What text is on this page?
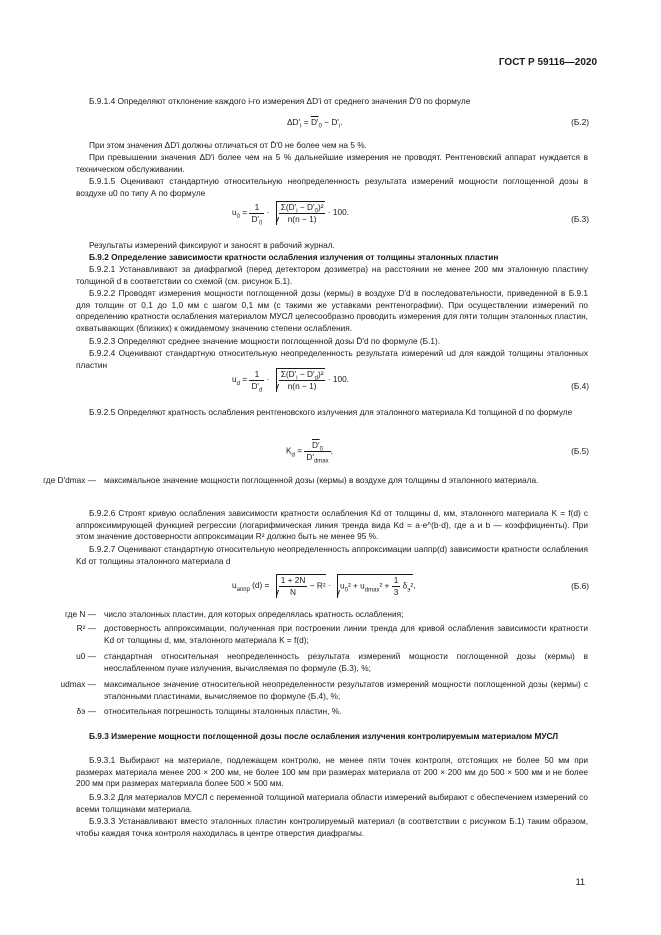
ГОСТ Р 59116—2020

Б.9.1.4 Определяют отклонение каждого i-го измерения ΔD'i от среднего значения D̄'0 по формуле

$\Delta D'_i = D'_0 - D'_i$.	(Б.2)

При этом значения ΔD'i должны отличаться от D̄'0 не более чем на 5 %.

При превышении значения ΔD'i более чем на 5 % дальнейшие измерения не проводят. Рентгеновский аппарат нуждается в техническом обслуживании.

Б.9.1.5 Оценивают стандартную относительную неопределенность результата измерений мощности поглощенной дозы в воздухе u0 по типу А по формуле

$u_0 = \frac{1}{D'_0} \cdot \frac{\Sigma(D'_i - D'_0)^2}{n(n - 1)} \cdot 100$.
(Б.3)

Результаты измерений фиксируют и заносят в рабочий журнал.

Б.9.2 Определение зависимости кратности ослабления излучения от толщины эталонных пластин

Б.9.2.1 Устанавливают за диафрагмой (перед детектором дозиметра) на расстоянии не менее 200 мм эталонную пластину толщиной d в соответствии со схемой (см. рисунок Б.1).

Б.9.2.2 Проводят измерения мощности поглощенной дозы (кермы) в воздухе D'd в последовательности, приведенной в Б.9.1 для толщин от 0,1 до 1,0 мм с шагом 0,1 мм (с такими же уставками рентгенографии). При осуществлении измерений по определению кратности ослабления материалом МУСЛ целесообразно проводить измерения для пяти толщин эталонных пластин, охватывающих (близких) к ожидаемому значению степени ослабления.

Б.9.2.3 Определяют среднее значение мощности поглощенной дозы D̄'d по формуле (Б.1).

Б.9.2.4 Оценивают стандартную относительную неопределенность результата измерений ud для каждой толщины эталонных пластин

$u_d = \frac{1}{D'_d} \cdot \frac{\Sigma(D'_i - D'_d)^2}{n(n - 1)} \cdot 100$.
(Б.4)

Б.9.2.5 Определяют кратность ослабления рентгеновского излучения для эталонного материала Kd толщиной d по формуле

$K_d = \frac{D'_0}{D'_{dmax}}$ ,	(Б.5)
где D'dmax — максимальное значение мощности поглощенной дозы (кермы) в воздухе для толщины d эталонного материала.

Б.9.2.6 Строят кривую ослабления зависимости кратности ослабления Kd от толщины d, мм, эталонного материала K = f(d) с аппроксимирующей функцией регрессии (логарифмическая линия тренда вида Kd = a·e^(b·d), где a и b — коэффициенты). При этом значение достоверности аппроксимации R² должно быть не менее 95 %.

Б.9.2.7 Оценивают стандартную относительную неопределенность аппроксимации uаппр(d) зависимости кратности ослабления Kd от толщины эталонного материала d

$u_{аппр}$ $(d) = \frac{1 + 2N}{N} - R^2 \cdot u_0^2 + u_{dmax}^2 + \frac{1}{3} \delta_э^2$,	(Б.6)
где N — число эталонных пластин, для которых определялась кратность ослабления;
R² — достоверность аппроксимации, полученная при построении линии тренда для кривой ослабления зависимости кратности Kd от толщины d, мм, эталонного материала K = f(d);
u0 — стандартная относительная неопределенность результата измерений мощности поглощенной дозы (кермы) в неослабленном пучке излучения, вычисляемая по формуле (Б.3), %;
udmax — максимальное значение относительной неопределенности результатов измерений мощности поглощенной дозы (кермы) с эталонными пластинами, вычисляемое по формуле (Б.4), %;
δэ — относительная погрешность толщины эталонных пластин, %.

Б.9.3 Измерение мощности поглощенной дозы после ослабления излучения контролируемым материалом МУСЛ

Б.9.3.1 Выбирают на материале, подлежащем контролю, не менее пяти точек контроля, отстоящих не более 50 мм при размерах материала менее 200 × 200 мм, не более 100 мм при размерах материала от 200 × 200 мм до 500 × 500 мм и не более 200 мм при размерах материала более 500 × 500 мм.

Б.9.3.2 Для материалов МУСЛ с переменной толщиной материала области измерений выбирают с обеспечением измерений со всеми толщинами материала.

Б.9.3.3 Устанавливают вместо эталонных пластин контролируемый материал (в соответствии с рисунком Б.1) таким образом, чтобы каждая точка контроля находилась в центре отверстия диафрагмы.

11
